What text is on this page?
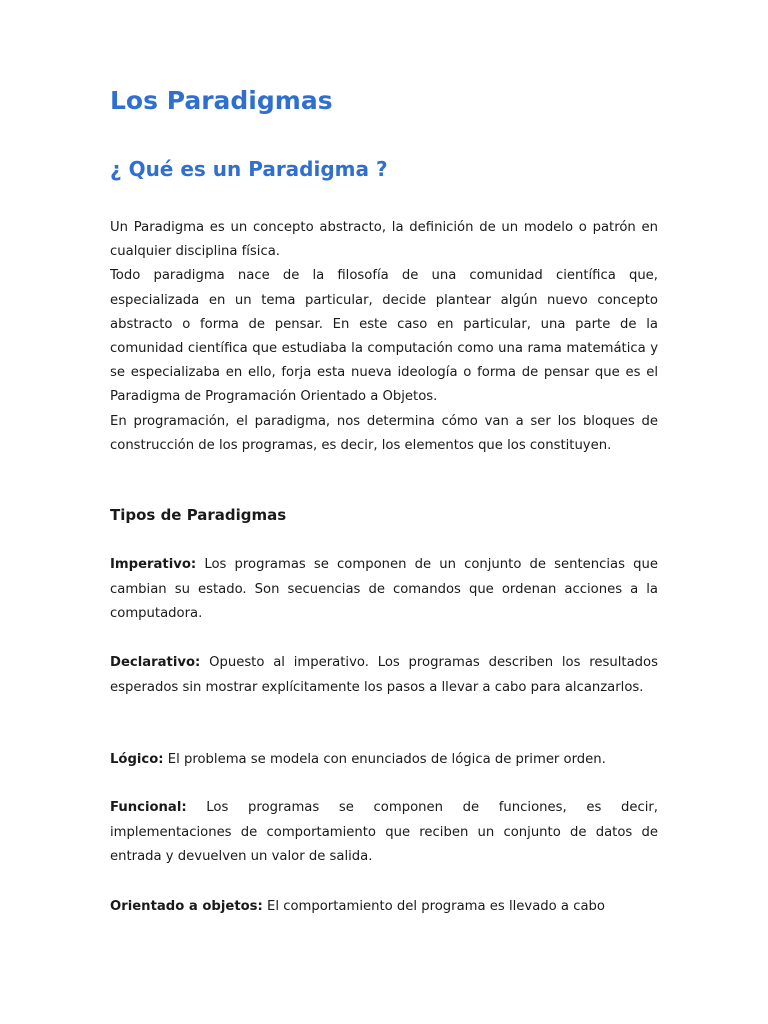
Los Paradigmas
¿ Qué es un Paradigma ?

Un Paradigma es un concepto abstracto, la definición de un modelo o patrón en cualquier disciplina física.

Todo paradigma nace de la filosofía de una comunidad científica que, especializada en un tema particular, decide plantear algún nuevo concepto abstracto o forma de pensar. En este caso en particular, una parte de la comunidad científica que estudiaba la computación como una rama matemática y se especializaba en ello, forja esta nueva ideología o forma de pensar que es el Paradigma de Programación Orientado a Objetos.

En programación, el paradigma, nos determina cómo van a ser los bloques de construcción de los programas, es decir, los elementos que los constituyen.

Tipos de Paradigmas

Imperativo: Los programas se componen de un conjunto de sentencias que cambian su estado. Son secuencias de comandos que ordenan acciones a la computadora.

Declarativo: Opuesto al imperativo. Los programas describen los resultados esperados sin mostrar explícitamente los pasos a llevar a cabo para alcanzarlos.

Lógico: El problema se modela con enunciados de lógica de primer orden.

Funcional: Los programas se componen de funciones, es decir, implementaciones de comportamiento que reciben un conjunto de datos de entrada y devuelven un valor de salida.

Orientado a objetos: El comportamiento del programa es llevado a cabo
